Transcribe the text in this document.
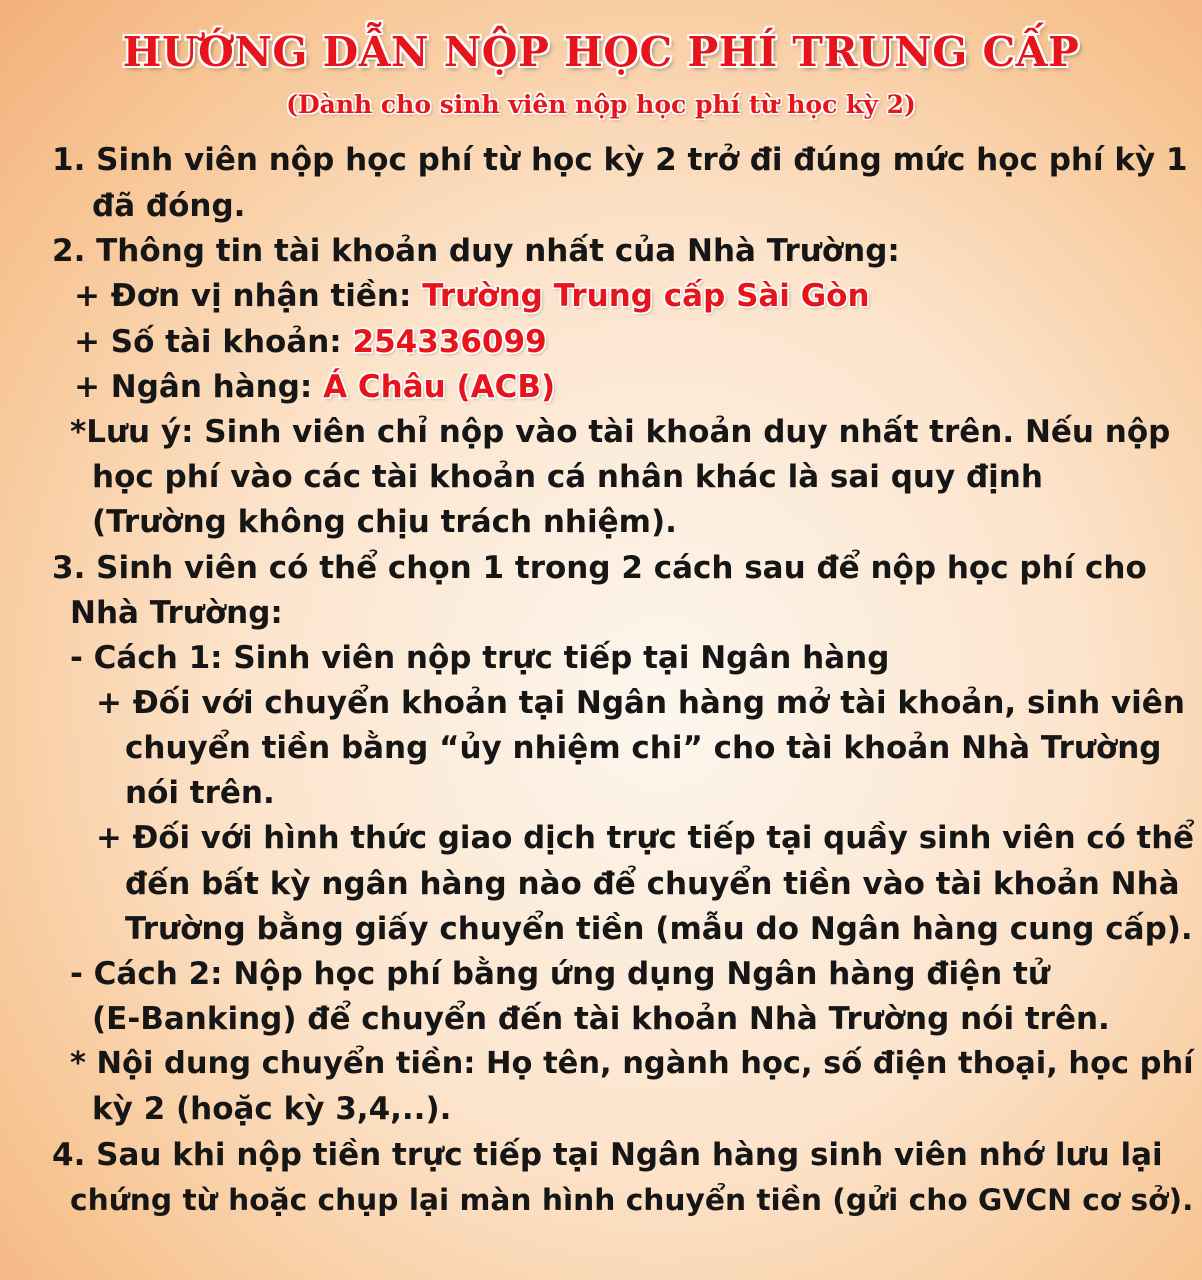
HƯỚNG DẪN NỘP HỌC PHÍ TRUNG CẤP
(Dành cho sinh viên nộp học phí từ học kỳ 2)
1. Sinh viên nộp học phí từ học kỳ 2 trở đi đúng mức học phí kỳ 1
đã đóng.
2. Thông tin tài khoản duy nhất của Nhà Trường:
+ Đơn vị nhận tiền: Trường Trung cấp Sài Gòn
+ Số tài khoản: 254336099
+ Ngân hàng: Á Châu (ACB)
*Lưu ý: Sinh viên chỉ nộp vào tài khoản duy nhất trên. Nếu nộp
học phí vào các tài khoản cá nhân khác là sai quy định
(Trường không chịu trách nhiệm).
3. Sinh viên có thể chọn 1 trong 2 cách sau để nộp học phí cho
Nhà Trường:
- Cách 1: Sinh viên nộp trực tiếp tại Ngân hàng
+ Đối với chuyển khoản tại Ngân hàng mở tài khoản, sinh viên
chuyển tiền bằng “ủy nhiệm chi” cho tài khoản Nhà Trường
nói trên.
+ Đối với hình thức giao dịch trực tiếp tại quầy sinh viên có thể
đến bất kỳ ngân hàng nào để chuyển tiền vào tài khoản Nhà
Trường bằng giấy chuyển tiền (mẫu do Ngân hàng cung cấp).
- Cách 2: Nộp học phí bằng ứng dụng Ngân hàng điện tử
(E-Banking) để chuyển đến tài khoản Nhà Trường nói trên.
* Nội dung chuyển tiền: Họ tên, ngành học, số điện thoại, học phí
kỳ 2 (hoặc kỳ 3,4,..).
4. Sau khi nộp tiền trực tiếp tại Ngân hàng sinh viên nhớ lưu lại
chứng từ hoặc chụp lại màn hình chuyển tiền (gửi cho GVCN cơ sở).
